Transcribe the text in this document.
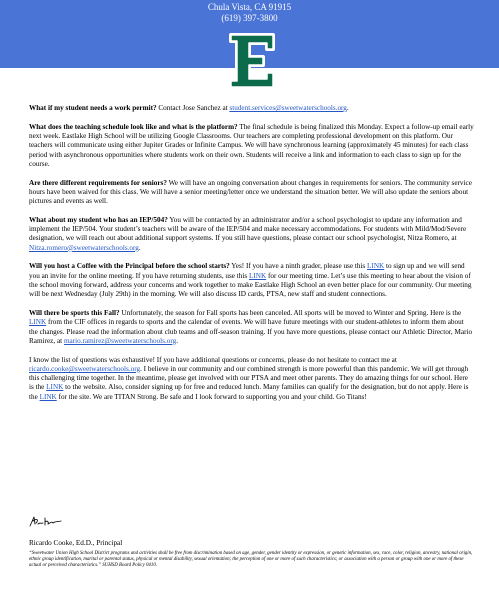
Chula Vista, CA 91915
(619) 397-3800

What if my student needs a work permit? Contact Jose Sanchez at student.services@sweetwaterschools.org.

What does the teaching schedule look like and what is the platform? The final schedule is being finalized this Monday. Expect a follow-up email early next week. Eastlake High School will be utilizing Google Classrooms. Our teachers are completing professional development on this platform. Our teachers will communicate using either Jupiter Grades or Infinite Campus. We will have synchronous learning (approximately 45 minutes) for each class period with asynchronous opportunities where students work on their own. Students will receive a link and information to each class to sign up for the course.

Are there different requirements for seniors? We will have an ongoing conversation about changes in requirements for seniors. The community service hours have been waived for this class. We will have a senior meeting/letter once we understand the situation better. We will also update the seniors about pictures and events as well.

What about my student who has an IEP/504? You will be contacted by an administrator and/or a school psychologist to update any information and implement the IEP/504. Your student’s teachers will be aware of the IEP/504 and make necessary accommodations. For students with Mild/Mod/Severe designation, we will reach out about additional support systems. If you still have questions, please contact our school psychologist, Nitza Romero, at Nitza.romero@sweetwaterschools.org.

Will you host a Coffee with the Principal before the school starts? Yes! If you have a ninth grader, please use this LINK to sign up and we will send you an invite for the online meeting. If you have returning students, use this LINK for our meeting time. Let’s use this meeting to hear about the vision of the school moving forward, address your concerns and work together to make Eastlake High School an even better place for our community. Our meeting will be next Wednesday (July 29th) in the morning. We will also discuss ID cards, PTSA, new staff and student connections.

Will there be sports this Fall? Unfortunately, the season for Fall sports has been canceled. All sports will be moved to Winter and Spring. Here is the LINK from the CIF offices in regards to sports and the calendar of events. We will have future meetings with our student-athletes to inform them about the changes. Please read the information about club teams and off-season training. If you have more questions, please contact our Athletic Director, Mario Ramirez, at mario.ramirez@sweetwaterschools.org.

I know the list of questions was exhaustive! If you have additional questions or concerns, please do not hesitate to contact me at ricardo.cooke@sweetwaterschools.org. I believe in our community and our combined strength is more powerful than this pandemic. We will get through this challenging time together. In the meantime, please get involved with our PTSA and meet other parents. They do amazing things for our school. Here is the LINK to the website. Also, consider signing up for free and reduced lunch. Many families can qualify for the designation, but do not apply. Here is the LINK for the site. We are TITAN Strong. Be safe and I look forward to supporting you and your child. Go Titans!

Ricardo Cooke, Ed.D., Principal
“Sweetwater Union High School District programs and activities shall be free from discrimination based on age, gender, gender identity or expression, or genetic information, sex, race, color, religion, ancestry, national origin, ethnic group identification, marital or parental status, physical or mental disability, sexual orientation; the perception of one or more of such characteristics; or association with a person or group with one or more of these actual or perceived characteristics.” SUHSD Board Policy 0410.
